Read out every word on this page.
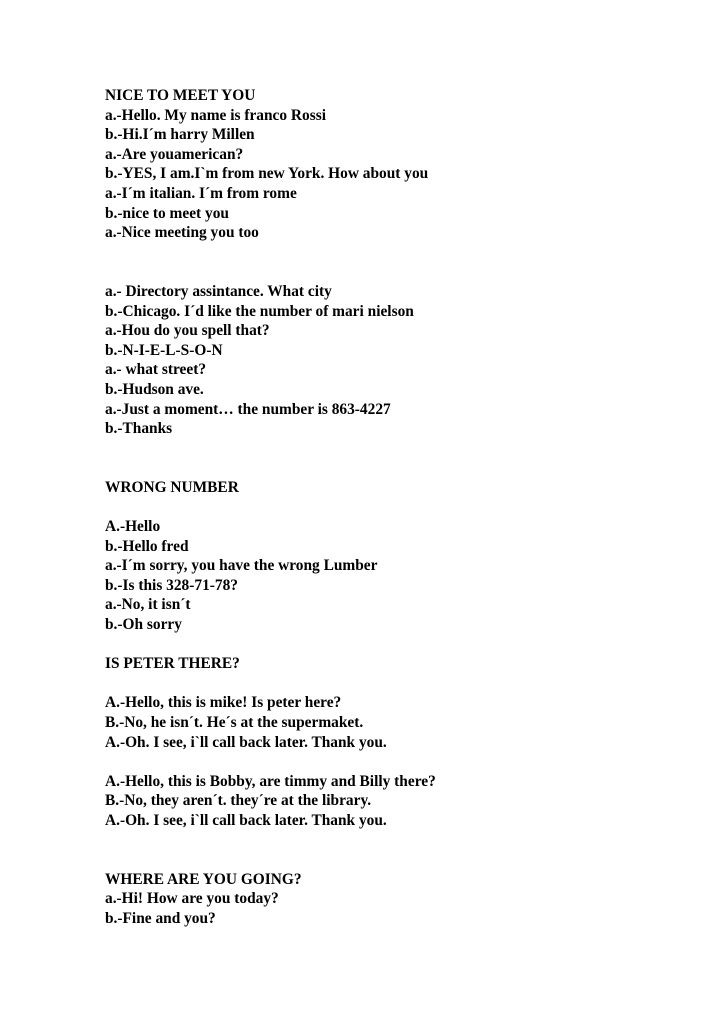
NICE TO MEET YOU
a.-Hello. My name is franco Rossi
b.-Hi.I´m harry Millen
a.-Are youamerican?
b.-YES, I am.I`m from new York. How about you
a.-I´m italian. I´m from rome
b.-nice to meet you
a.-Nice meeting you too
a.- Directory assintance. What city
b.-Chicago. I´d like the number of mari nielson
a.-Hou do you spell that?
b.-N-I-E-L-S-O-N
a.- what street?
b.-Hudson ave.
a.-Just a moment… the number is 863-4227
b.-Thanks
WRONG NUMBER
A.-Hello
b.-Hello fred
a.-I´m sorry, you have the wrong Lumber
b.-Is this 328-71-78?
a.-No, it isn´t
b.-Oh sorry
IS PETER THERE?
A.-Hello, this is mike! Is peter here?
B.-No, he isn´t. He´s at the supermaket.
A.-Oh. I see, i`ll call back later. Thank you.
A.-Hello, this is Bobby, are timmy and Billy there?
B.-No, they aren´t. they´re at the library.
A.-Oh. I see, i`ll call back later. Thank you.
WHERE ARE YOU GOING?
a.-Hi! How are you today?
b.-Fine and you?
